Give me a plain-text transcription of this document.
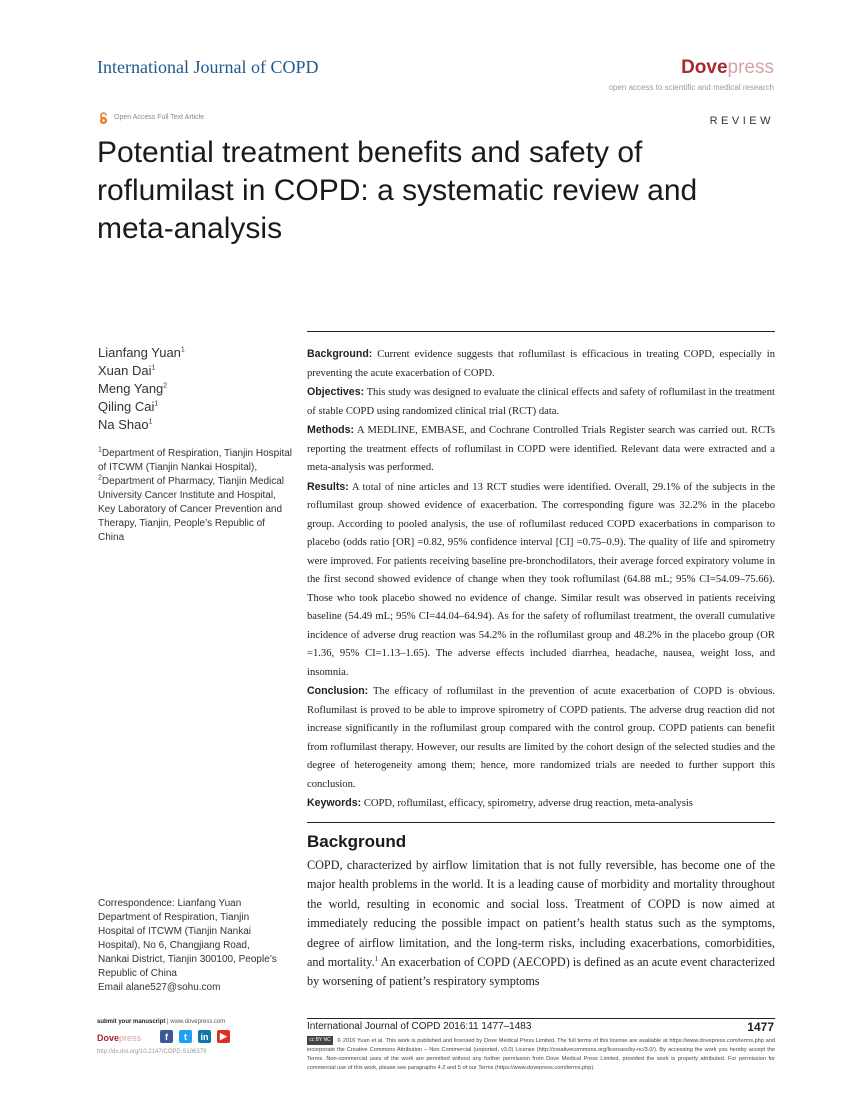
International Journal of COPD	Dovepress
open access to scientific and medical research
Open Access Full Text Article	REVIEW
Potential treatment benefits and safety of roflumilast in COPD: a systematic review and meta-analysis
Lianfang Yuan$^1$
Xuan Dai$^1$
Meng Yang$^2$
Qiling Cai$^1$
Na Shao$^1$
$^1$Department of Respiration, Tianjin Hospital of ITCWM (Tianjin Nankai Hospital), $^2$Department of Pharmacy, Tianjin Medical University Cancer Institute and Hospital, Key Laboratory of Cancer Prevention and Therapy, Tianjin, People’s Republic of China
Correspondence: Lianfang Yuan
Department of Respiration, Tianjin
Hospital of ITCWM (Tianjin Nankai
Hospital), No 6, Changjiang Road,
Nankai District, Tianjin 300100, People’s
Republic of China
Email alane527@sohu.com

Background: Current evidence suggests that roflumilast is efficacious in treating COPD, especially in preventing the acute exacerbation of COPD.

Objectives: This study was designed to evaluate the clinical effects and safety of roflumilast in the treatment of stable COPD using randomized clinical trial (RCT) data.

Methods: A MEDLINE, EMBASE, and Cochrane Controlled Trials Register search was carried out. RCTs reporting the treatment effects of roflumilast in COPD were identified. Relevant data were extracted and a meta-analysis was performed.

Results: A total of nine articles and 13 RCT studies were identified. Overall, 29.1% of the subjects in the roflumilast group showed evidence of exacerbation. The corresponding figure was 32.2% in the placebo group. According to pooled analysis, the use of roflumilast reduced COPD exacerbations in comparison to placebo (odds ratio [OR] =0.82, 95% confidence interval [CI] =0.75–0.9). The quality of life and spirometry were improved. For patients receiving baseline pre-bronchodilators, their average forced expiratory volume in the first second showed evidence of change when they took roflumilast (64.88 mL; 95% CI=54.09–75.66). Those who took placebo showed no evidence of change. Similar result was observed in patients receiving baseline (54.49 mL; 95% CI=44.04–64.94). As for the safety of roflumilast treatment, the overall cumulative incidence of adverse drug reaction was 54.2% in the roflumilast group and 48.2% in the placebo group (OR =1.36, 95% CI=1.13–1.65). The adverse effects included diarrhea, headache, nausea, weight loss, and insomnia.

Conclusion: The efficacy of roflumilast in the prevention of acute exacerbation of COPD is obvious. Roflumilast is proved to be able to improve spirometry of COPD patients. The adverse drug reaction did not increase significantly in the roflumilast group compared with the control group. COPD patients can benefit from roflumilast therapy. However, our results are limited by the cohort design of the selected studies and the degree of heterogeneity among them; hence, more randomized trials are needed to further support this conclusion.

Keywords: COPD, roflumilast, efficacy, spirometry, adverse drug reaction, meta-analysis

Background

COPD, characterized by airflow limitation that is not fully reversible, has become one of the major health problems in the world. It is a leading cause of morbidity and mortality throughout the world, resulting in economic and social loss. Treatment of COPD is now aimed at immediately reducing the possible impact on patient’s health status such as the symptoms, degree of airflow limitation, and the long-term risks, including exacerbations, comorbidities, and mortality.$^1$ An exacerbation of COPD (AECOPD) is defined as an acute event characterized by worsening of patient’s respiratory symptoms

submit your manuscript | www.dovepress.com
Dovepress	f	t	in	▶
http://dx.doi.org/10.2147/COPD.S106379
International Journal of COPD 2016:11 1477–1483	1477
cc BY NC © 2016 Yuan et al. This work is published and licensed by Dove Medical Press Limited. The full terms of this license are available at https://www.dovepress.com/terms.php and incorporate the Creative Commons Attribution – Non Commercial (unported, v3.0) License (http://creativecommons.org/licenses/by-nc/3.0/). By accessing the work you hereby accept the Terms. Non-commercial uses of the work are permitted without any further permission from Dove Medical Press Limited, provided the work is properly attributed. For permission for commercial use of this work, please see paragraphs 4.2 and 5 of our Terms (https://www.dovepress.com/terms.php).
